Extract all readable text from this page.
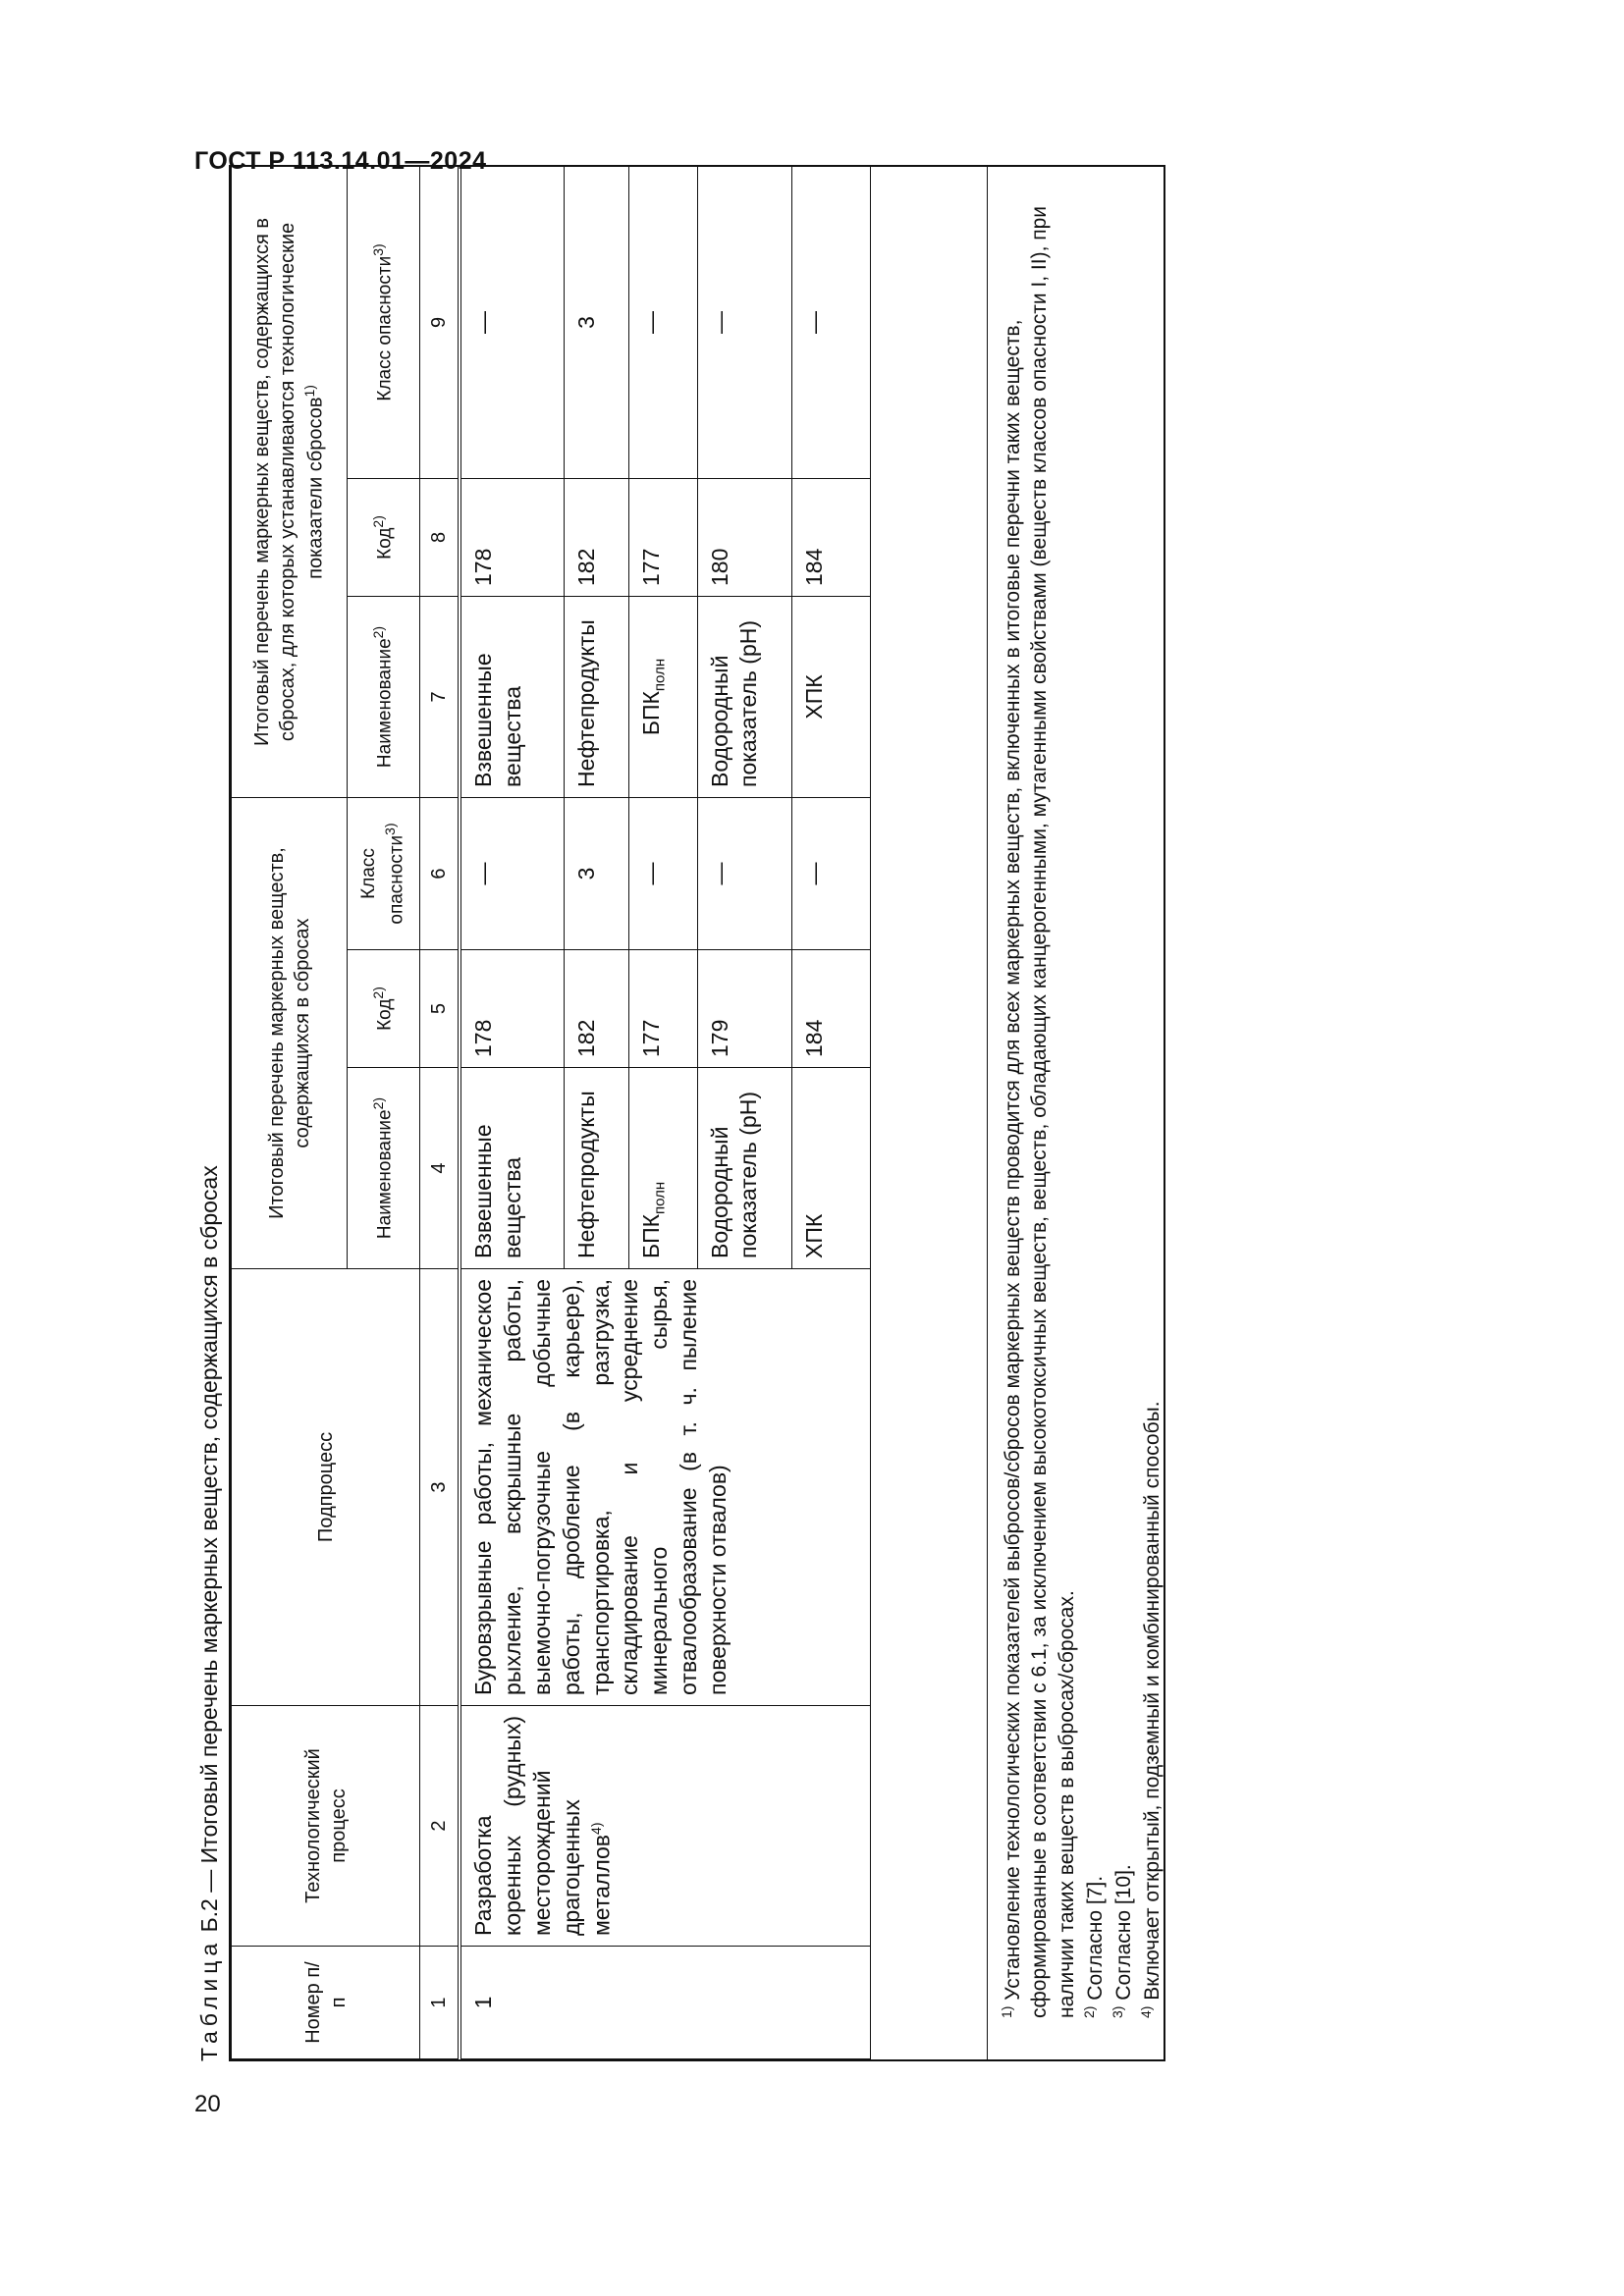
ГОСТ Р 113.14.01—2024
20
Таблица Б.2 — Итоговый перечень маркерных веществ, содержащихся в сбросах
Номер п/п	Технологический процесс	Подпроцесс	Итоговый перечень маркерных веществ, содержащихся в сбросах			Итоговый перечень маркерных веществ, содержащихся в сбросах, для которых устанавливаются технологические показатели сбросов$^{1)}$
			Наименование$^{2)}$	Код$^{2)}$	Класс опасности$^{3)}$	Наименование$^{2)}$	Код$^{2)}$	Класс опасности$^{3)}$
1	2	3	4	5	6	7	8	9
1	Разработка коренных (рудных) месторождений драгоценных металлов$^{4)}$	Буровзрывные работы, механическое рыхление, вскрышные работы, выемочно-погрузочные добычные работы, дробление (в карьере), транспортировка, разгрузка, складирование и усреднение минерального сырья, отвалообразование (в т. ч. пыление поверхности отвалов)	Взвешенные вещества	178	—	Взвешенные вещества	178	—
			Нефтепродукты	182	3	Нефтепродукты	182	3
			$БПК_{полн}$	177	—	$БПК_{полн}$	177	—
			Водородный показатель (pH)	179	—	Водородный показатель (pH)	180	—
			ХПК	184	—	ХПК	184	—

$^{1)}$ Установление технологических показателей выбросов/сбросов маркерных веществ проводится для всех маркерных веществ, включенных в итоговые перечни таких веществ, сформированные в соответствии с 6.1, за исключением высокотоксичных веществ, веществ, обладающих канцерогенными, мутагенными свойствами (веществ классов опасности I, II), при наличии таких веществ в выбросах/сбросах. $^{2)}$ Согласно [7].

$^{3)}$ Согласно [10].

$^{4)}$ Включает открытый, подземный и комбинированный способы.
